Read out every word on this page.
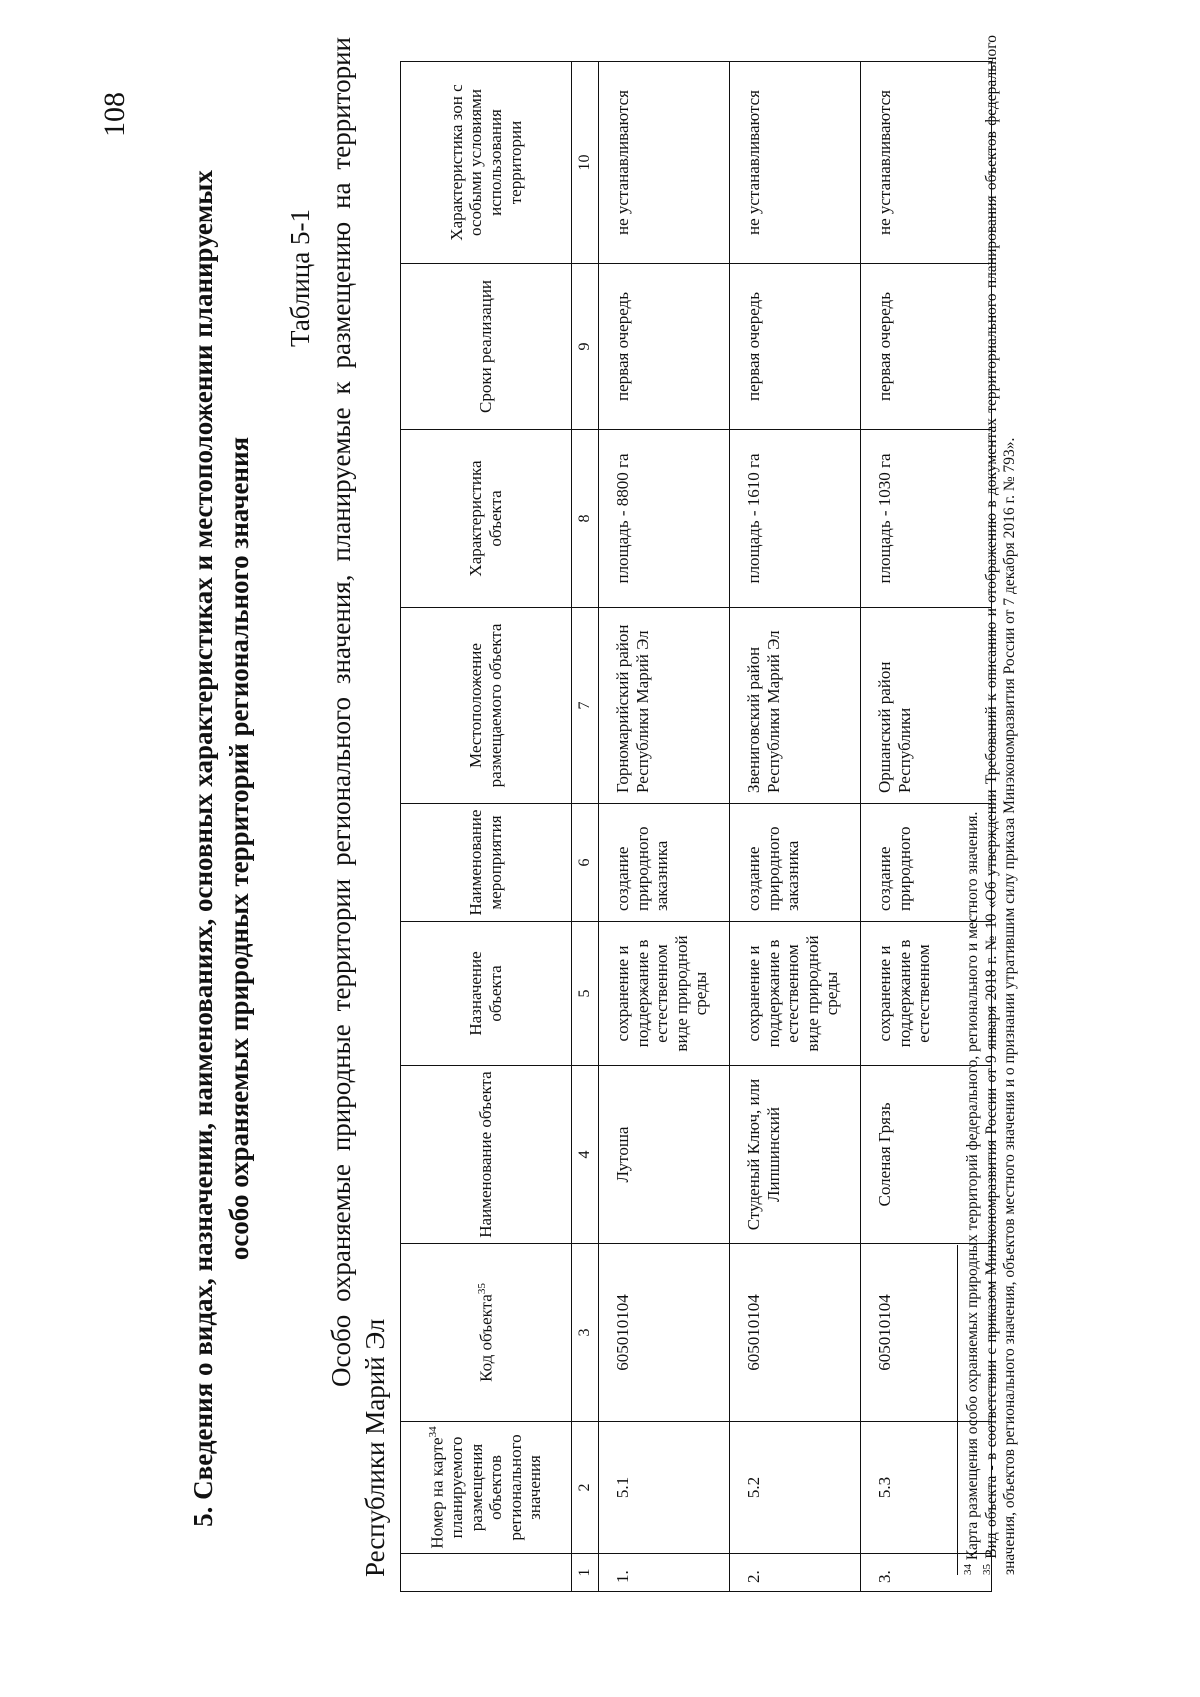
108
5. Сведения о видах, назначении, наименованиях, основных характеристиках и местоположении планируемых особо охраняемых природных территорий регионального значения
Таблица 5-1 Особо охраняемые природные территории регионального значения, планируемые к размещению на территории
Республики Марий Эл
	Номер на карте$^{34}$ планируемого размещения объектов регионального значения	Код объекта$^{35}$	Наименование объекта	Назначение объекта	Наименование мероприятия	Местоположение размещаемого объекта	Характеристика объекта	Сроки реализации	Характеристика зон с особыми условиями использования территории
1	2	3	4	5	6	7	8	9	10
1.	5.1	605010104	Лутоша	сохранение и поддержание в естественном виде природной среды	создание природного заказника	Горномарийский район Республики Марий Эл	площадь - 8800 га	первая очередь	не устанавливаются
2.	5.2	605010104	Студеный Ключ, или Липшинский	сохранение и поддержание в естественном виде природной среды	создание природного заказника	Звениговский район Республики Марий Эл	площадь - 1610 га	первая очередь	не устанавливаются
3.	5.3	605010104	Соленая Грязь	сохранение и поддержание в естественном	создание природного	Оршанский район Республики	площадь - 1030 га	первая очередь	не устанавливаются
$^{34}$ Карта размещения особо охраняемых природных территорий федерального, регионального и местного значения.
$^{35}$ Вид объекта - в соответствии с приказом Минэкономразвития России от 9 января 2018 г. № 10 «Об утверждении Требований к описанию и отображению в документах территориального планирования объектов федерального значения, объектов регионального значения, объектов местного значения и о признании утратившим силу приказа Минэкономразвития России от 7 декабря 2016 г. № 793».
